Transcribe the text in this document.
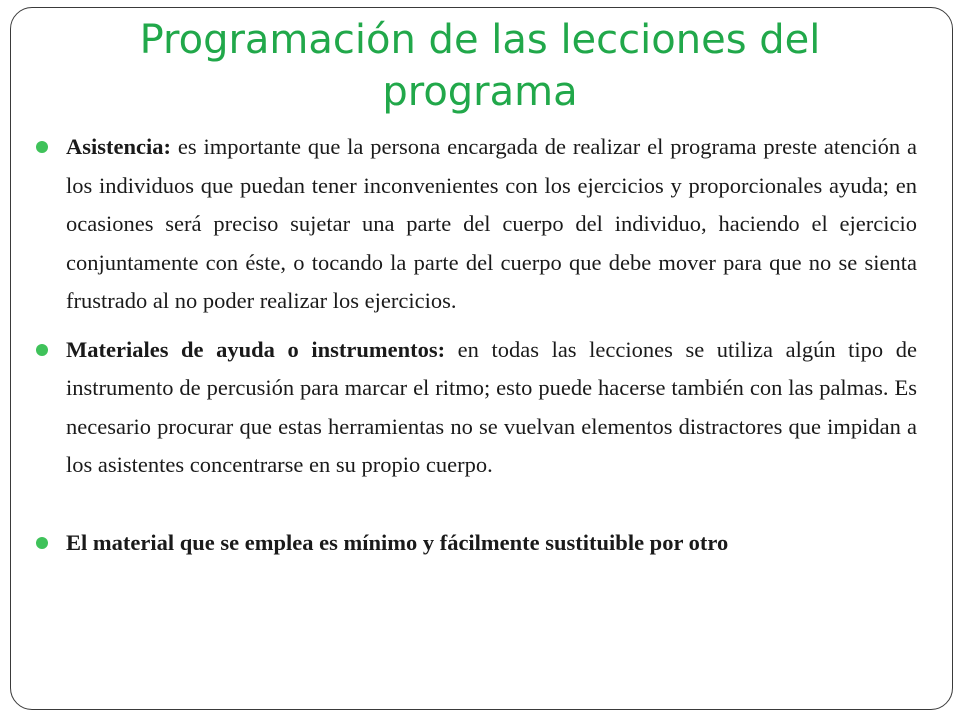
Programación de las lecciones del programa
Asistencia: es importante que la persona encargada de realizar el programa preste atención a los individuos que puedan tener inconvenientes con los ejercicios y proporcionales ayuda; en ocasiones será preciso sujetar una parte del cuerpo del individuo, haciendo el ejercicio conjuntamente con éste, o tocando la parte del cuerpo que debe mover para que no se sienta frustrado al no poder realizar los ejercicios.
Materiales de ayuda o instrumentos: en todas las lecciones se utiliza algún tipo de instrumento de percusión para marcar el ritmo; esto puede hacerse también con las palmas. Es necesario procurar que estas herramientas no se vuelvan elementos distractores que impidan a los asistentes concentrarse en su propio cuerpo.
El material que se emplea es mínimo y fácilmente sustituible por otro
